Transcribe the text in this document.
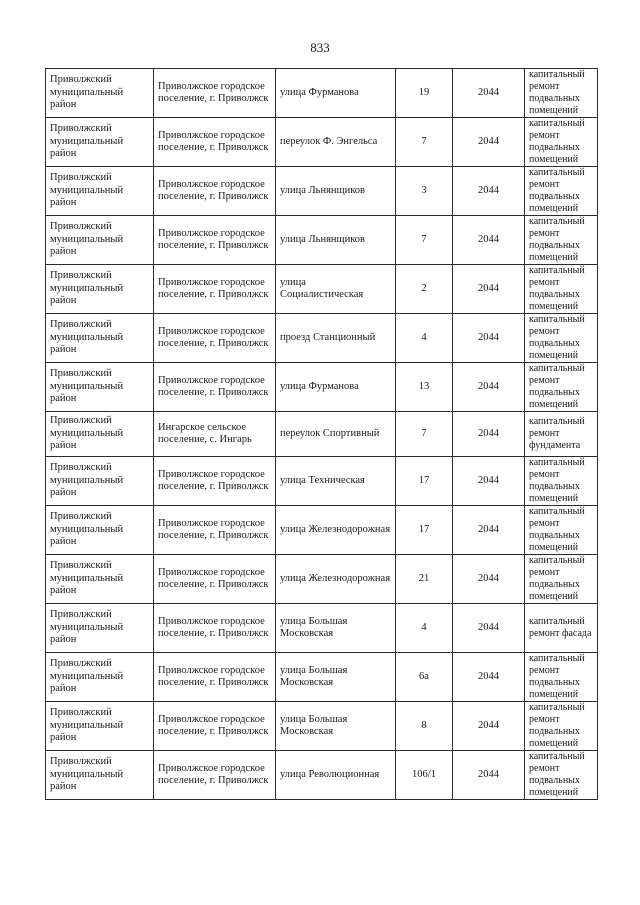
833
Приволжский муниципальный район	Приволжское городское поселение, г. Приволжск	улица Фурманова	19	2044	капитальный ремонт подвальных помещений
Приволжский муниципальный район	Приволжское городское поселение, г. Приволжск	переулок Ф. Энгельса	7	2044	капитальный ремонт подвальных помещений
Приволжский муниципальный район	Приволжское городское поселение, г. Приволжск	улица Льнянщиков	3	2044	капитальный ремонт подвальных помещений
Приволжский муниципальный район	Приволжское городское поселение, г. Приволжск	улица Льнянщиков	7	2044	капитальный ремонт подвальных помещений
Приволжский муниципальный район	Приволжское городское поселение, г. Приволжск	улица Социалистическая	2	2044	капитальный ремонт подвальных помещений
Приволжский муниципальный район	Приволжское городское поселение, г. Приволжск	проезд Станционный	4	2044	капитальный ремонт подвальных помещений
Приволжский муниципальный район	Приволжское городское поселение, г. Приволжск	улица Фурманова	13	2044	капитальный ремонт подвальных помещений
Приволжский муниципальный район	Ингарское сельское поселение, с. Ингарь	переулок Спортивный	7	2044	капитальный ремонт фундамента
Приволжский муниципальный район	Приволжское городское поселение, г. Приволжск	улица Техническая	17	2044	капитальный ремонт подвальных помещений
Приволжский муниципальный район	Приволжское городское поселение, г. Приволжск	улица Железнодорожная	17	2044	капитальный ремонт подвальных помещений
Приволжский муниципальный район	Приволжское городское поселение, г. Приволжск	улица Железнодорожная	21	2044	капитальный ремонт подвальных помещений
Приволжский муниципальный район	Приволжское городское поселение, г. Приволжск	улица Большая Московская	4	2044	капитальный ремонт фасада
Приволжский муниципальный район	Приволжское городское поселение, г. Приволжск	улица Большая Московская	6а	2044	капитальный ремонт подвальных помещений
Приволжский муниципальный район	Приволжское городское поселение, г. Приволжск	улица Большая Московская	8	2044	капитальный ремонт подвальных помещений
Приволжский муниципальный район	Приволжское городское поселение, г. Приволжск	улица Революционная	106/1	2044	капитальный ремонт подвальных помещений
